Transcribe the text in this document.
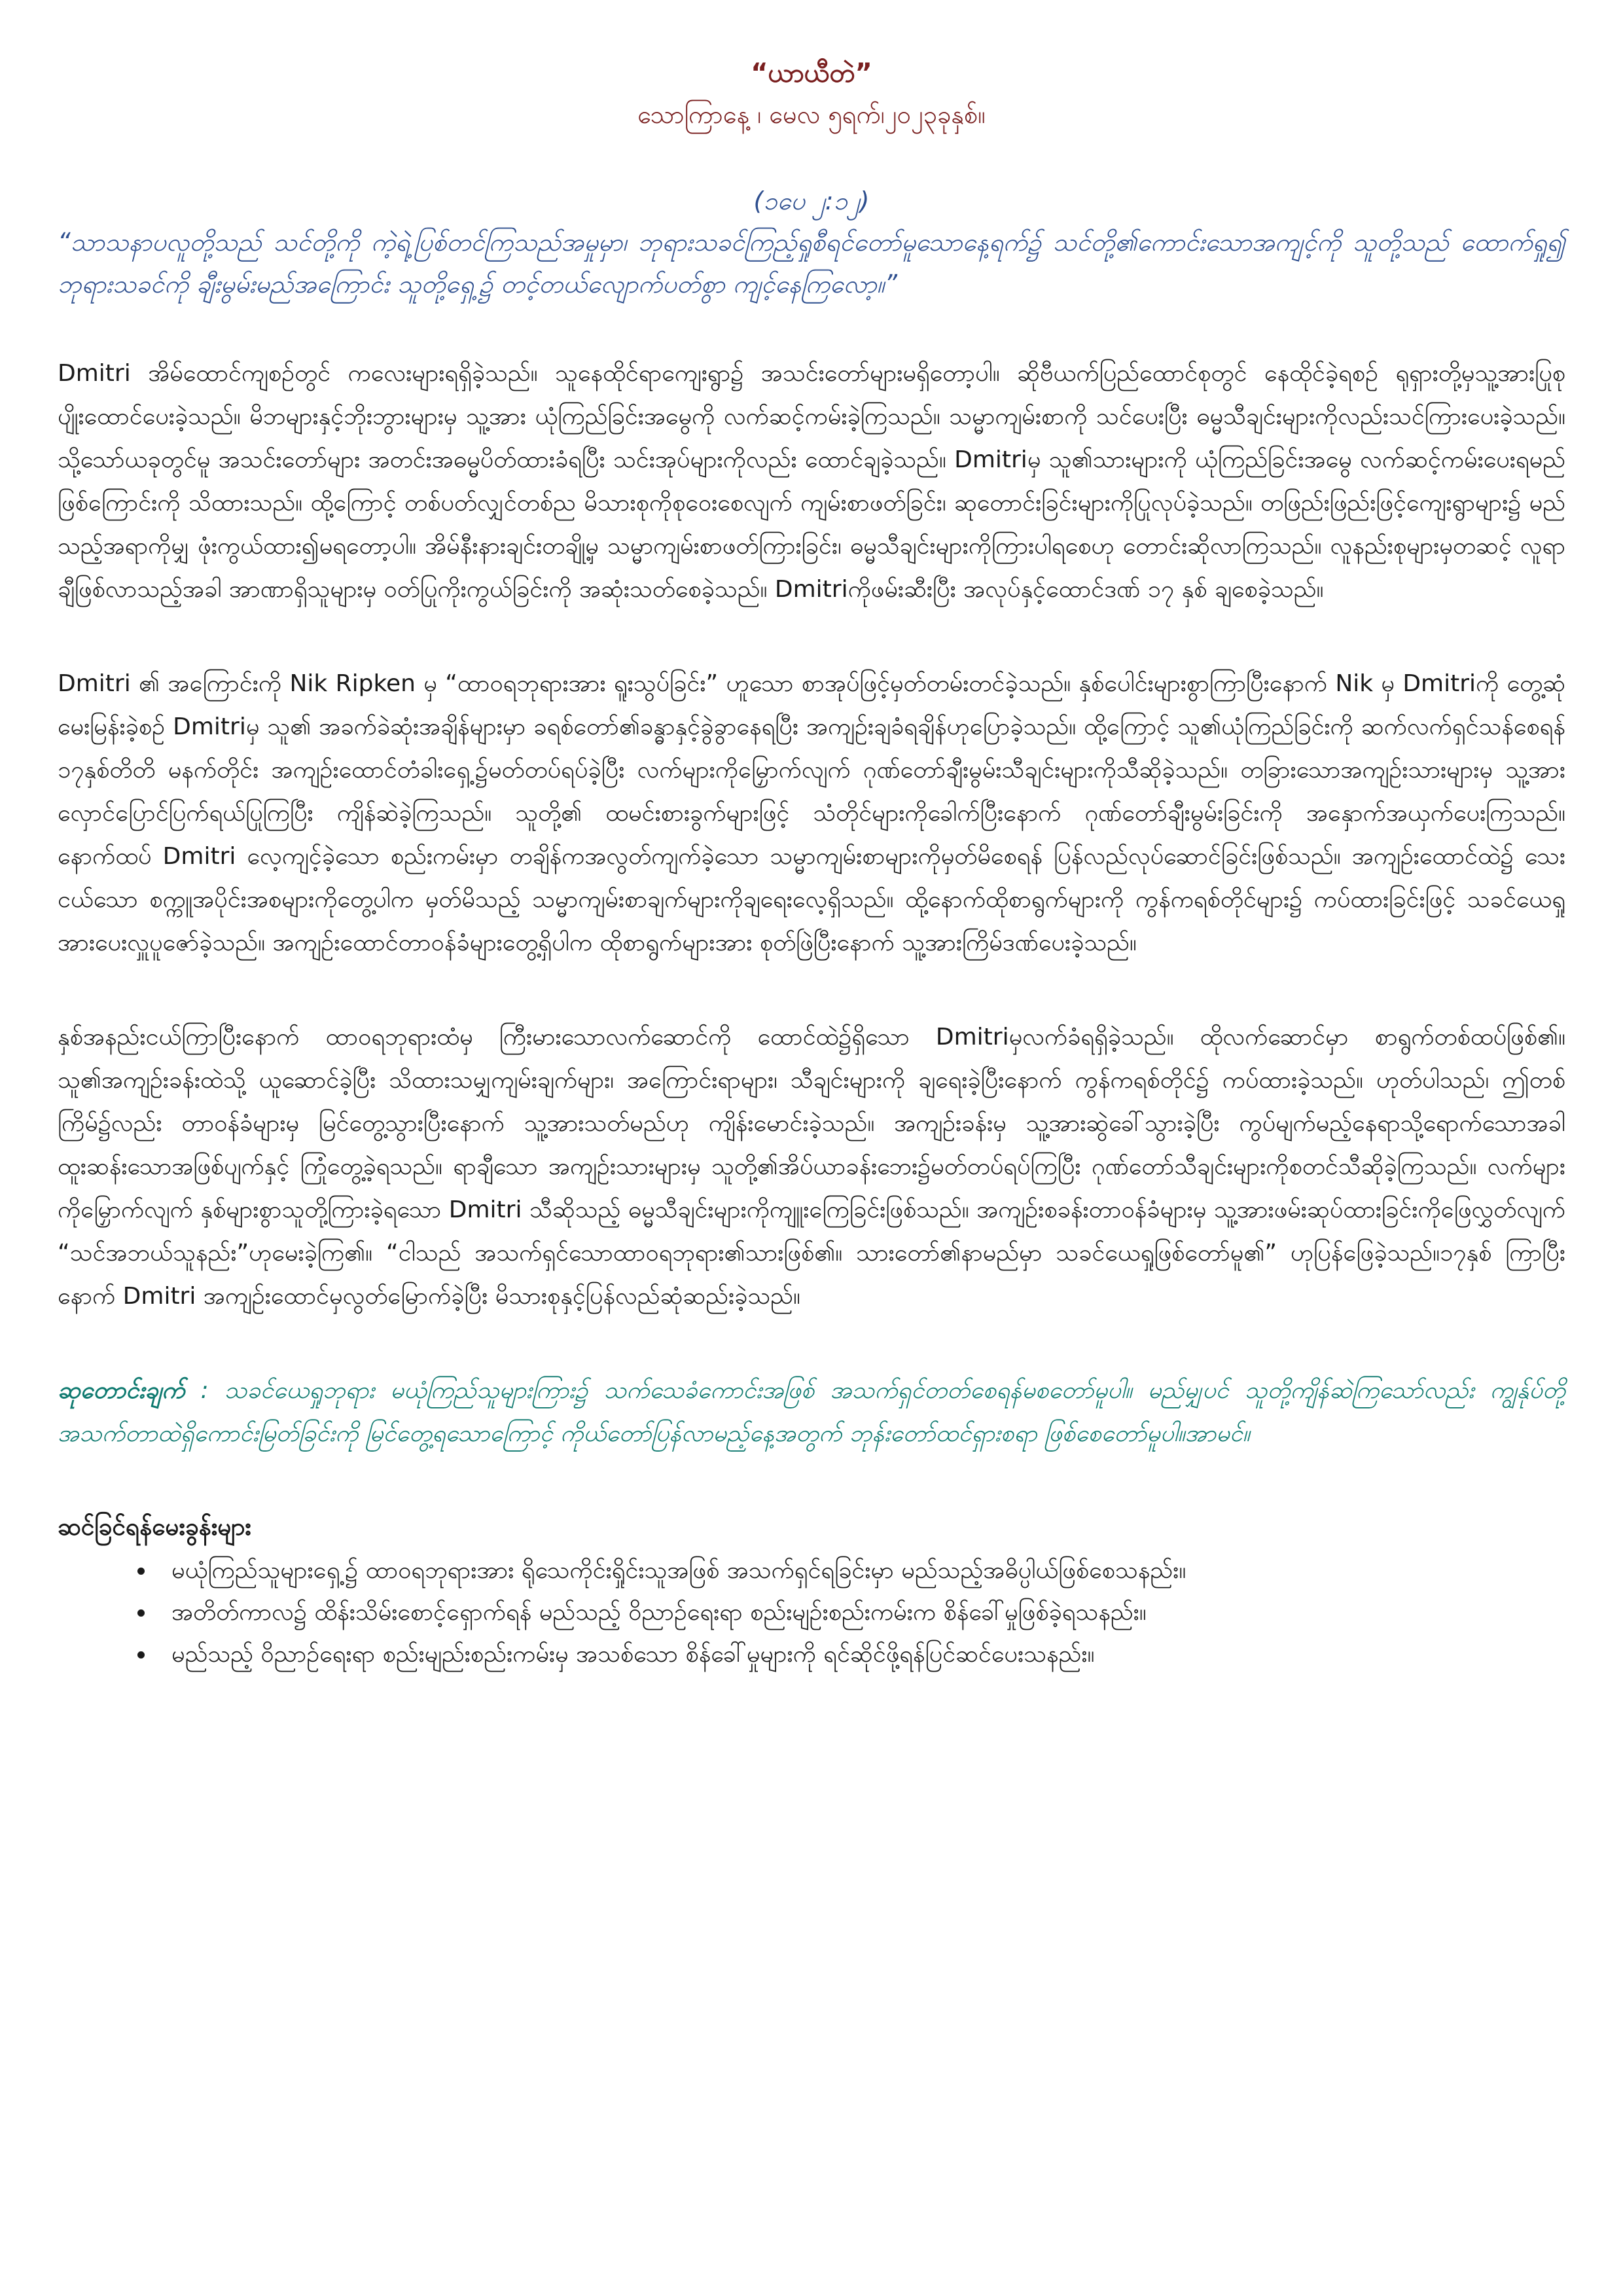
“ယာယီတဲ”

သောကြာနေ့ ၊ မေလ ၅ရက်၊၂၀၂၃ခုနှစ်။

(၁ပေ ၂:၁၂)

“သာသနာပလူတို့သည် သင်တို့ကို ကဲ့ရဲ့ပြစ်တင်ကြသည်အမှုမှာ၊ ဘုရားသခင်ကြည့်ရှုစီရင်တော်မူသောနေ့ရက်၌ သင်တို့၏ကောင်းသောအကျင့်ကို သူတို့သည် ထောက်ရှု၍ ဘုရားသခင်ကို ချီးမွမ်းမည်အကြောင်း သူတို့ရှေ့၌ တင့်တယ်လျောက်ပတ်စွာ ကျင့်နေကြလော့။”

Dmitri အိမ်ထောင်ကျစဉ်တွင် ကလေးများရရှိခဲ့သည်။ သူနေထိုင်ရာကျေးရွာ၌ အသင်းတော်များမရှိတော့ပါ။ ဆိုဗီယက်ပြည်ထောင်စုတွင် နေထိုင်ခဲ့ရစဉ် ရုရှားတို့မှသူ့အားပြုစုပျိုးထောင်ပေးခဲ့သည်။ မိဘများနှင့်ဘိုးဘွားများမှ သူ့အား ယုံကြည်ခြင်းအမွေကို လက်ဆင့်ကမ်းခဲ့ကြသည်။ သမ္မာကျမ်းစာကို သင်ပေးပြီး ဓမ္မသီချင်းများကိုလည်းသင်ကြားပေးခဲ့သည်။ သို့သော်ယခုတွင်မူ အသင်းတော်များ အတင်းအဓမ္မပိတ်ထားခံရပြီး သင်းအုပ်များကိုလည်း ထောင်ချခဲ့သည်။ Dmitriမှ သူ၏သားများကို ယုံကြည်ခြင်းအမွေ လက်ဆင့်ကမ်းပေးရမည်ဖြစ်ကြောင်းကို သိထားသည်။ ထို့ကြောင့် တစ်ပတ်လျှင်တစ်ည မိသားစုကိုစုဝေးစေလျက် ကျမ်းစာဖတ်ခြင်း၊ ဆုတောင်းခြင်းများကိုပြုလုပ်ခဲ့သည်။ တဖြည်းဖြည်းဖြင့်ကျေးရွာများ၌ မည်သည့်အရာကိုမျှ ဖုံးကွယ်ထား၍မရတော့ပါ။ အိမ်နီးနားချင်းတချို့မှ သမ္မာကျမ်းစာဖတ်ကြားခြင်း၊ ဓမ္မသီချင်းများကိုကြားပါရစေဟု တောင်းဆိုလာကြသည်။ လူနည်းစုများမှတဆင့် လူရာချီဖြစ်လာသည့်အခါ အာဏာရှိသူများမှ ဝတ်ပြုကိုးကွယ်ခြင်းကို အဆုံးသတ်စေခဲ့သည်။ Dmitriကိုဖမ်းဆီးပြီး အလုပ်နှင့်ထောင်ဒဏ် ၁၇ နှစ် ချစေခဲ့သည်။

Dmitri ၏ အကြောင်းကို Nik Ripken မှ “ထာဝရဘုရားအား ရူးသွပ်ခြင်း” ဟူသော စာအုပ်ဖြင့်မှတ်တမ်းတင်ခဲ့သည်။ နှစ်ပေါင်းများစွာကြာပြီးနောက် Nik မှ Dmitriကို တွေ့ဆုံမေးမြန်းခဲ့စဉ် Dmitriမှ သူ၏ အခက်ခဲဆုံးအချိန်များမှာ ခရစ်တော်၏ခန္ဓာနှင့်ခွဲခွာနေရပြီး အကျဉ်းချခံရချိန်ဟုပြောခဲ့သည်။ ထို့ကြောင့် သူ၏ယုံကြည်ခြင်းကို ဆက်လက်ရှင်သန်စေရန် ၁၇နှစ်တိတိ မနက်တိုင်း အကျဉ်းထောင်တံခါးရှေ့၌မတ်တပ်ရပ်ခဲ့ပြီး လက်များကိုမြှောက်လျက် ဂုဏ်တော်ချီးမွမ်းသီချင်းများကိုသီဆိုခဲ့သည်။ တခြားသောအကျဉ်းသားများမှ သူ့အားလှောင်ပြောင်ပြက်ရယ်ပြုကြပြီး ကျိန်ဆဲခဲ့ကြသည်။ သူတို့၏ ထမင်းစားခွက်များဖြင့် သံတိုင်များကိုခေါက်ပြီးနောက် ဂုဏ်တော်ချီးမွမ်းခြင်းကို အနှောက်အယှက်ပေးကြသည်။ နောက်ထပ် Dmitri လေ့ကျင့်ခဲ့သော စည်းကမ်းမှာ တချိန်ကအလွတ်ကျက်ခဲ့သော သမ္မာကျမ်းစာများကိုမှတ်မိစေရန် ပြန်လည်လုပ်ဆောင်ခြင်းဖြစ်သည်။ အကျဉ်းထောင်ထဲ၌ သေးငယ်သော စက္ကူအပိုင်းအစများကိုတွေ့ပါက မှတ်မိသည့် သမ္မာကျမ်းစာချက်များကိုချရေးလေ့ရှိသည်။ ထို့နောက်ထိုစာရွက်များကို ကွန်ကရစ်တိုင်များ၌ ကပ်ထားခြင်းဖြင့် သခင်ယေရှုအားပေးလှူပူဇော်ခဲ့သည်။ အကျဉ်းထောင်တာဝန်ခံများတွေ့ရှိပါက ထိုစာရွက်များအား စုတ်ဖြဲပြီးနောက် သူ့အားကြိမ်ဒဏ်ပေးခဲ့သည်။

နှစ်အနည်းငယ်ကြာပြီးနောက် ထာဝရဘုရားထံမှ ကြီးမားသောလက်ဆောင်ကို ထောင်ထဲ၌ရှိသော Dmitriမှလက်ခံရရှိခဲ့သည်။ ထိုလက်ဆောင်မှာ စာရွက်တစ်ထပ်ဖြစ်၏။ သူ၏အကျဉ်းခန်းထဲသို့ ယူဆောင်ခဲ့ပြီး သိထားသမျှကျမ်းချက်များ၊ အကြောင်းရာများ၊ သီချင်းများကို ချရေးခဲ့ပြီးနောက် ကွန်ကရစ်တိုင်၌ ကပ်ထားခဲ့သည်။ ဟုတ်ပါသည်၊ ဤတစ်ကြိမ်၌လည်း တာဝန်ခံများမှ မြင်တွေ့သွားပြီးနောက် သူ့အားသတ်မည်ဟု ကျိန်းမောင်းခဲ့သည်။ အကျဉ်းခန်းမှ သူ့အားဆွဲခေါ်သွားခဲ့ပြီး ကွပ်မျက်မည့်နေရာသို့ရောက်သောအခါ ထူးဆန်းသောအဖြစ်ပျက်နှင့် ကြုံတွေ့ခဲ့ရသည်။ ရာချီသော အကျဉ်းသားများမှ သူတို့၏အိပ်ယာခန်းဘေး၌မတ်တပ်ရပ်ကြပြီး ဂုဏ်တော်သီချင်းများကိုစတင်သီဆိုခဲ့ကြသည်။ လက်များကိုမြှောက်လျက် နှစ်များစွာသူတို့ကြားခဲ့ရသော Dmitri သီဆိုသည့် ဓမ္မသီချင်းများကိုကျူးကြေခြင်းဖြစ်သည်။ အကျဉ်းစခန်းတာဝန်ခံများမှ သူ့အားဖမ်းဆုပ်ထားခြင်းကိုဖြေလွှတ်လျက် “သင်အဘယ်သူနည်း”ဟုမေးခဲ့ကြ၏။ “ငါသည် အသက်ရှင်သောထာဝရဘုရား၏သားဖြစ်၏။ သားတော်၏နာမည်မှာ သခင်ယေရှုဖြစ်တော်မူ၏” ဟုပြန်ဖြေခဲ့သည်။၁၇နှစ် ကြာပြီးနောက် Dmitri အကျဉ်းထောင်မှလွတ်မြောက်ခဲ့ပြီး မိသားစုနှင့်ပြန်လည်ဆုံဆည်းခဲ့သည်။

ဆုတောင်းချက် : သခင်ယေရှုဘုရား မယုံကြည်သူများကြား၌ သက်သေခံကောင်းအဖြစ် အသက်ရှင်တတ်စေရန်မစတော်မူပါ။ မည်မျှပင် သူတို့ကျိန်ဆဲကြသော်လည်း ကျွန်ုပ်တို့အသက်တာထဲရှိကောင်းမြတ်ခြင်းကို မြင်တွေ့ရသောကြောင့် ကိုယ်တော်ပြန်လာမည့်နေ့အတွက် ဘုန်းတော်ထင်ရှားစရာ ဖြစ်စေတော်မူပါ။အာမင်။

ဆင်ခြင်ရန်မေးခွန်းများ

• မယုံကြည်သူများရှေ့၌ ထာဝရဘုရားအား ရိုသေကိုင်းရှိုင်းသူအဖြစ် အသက်ရှင်ရခြင်းမှာ မည်သည့်အဓိပ္ပါယ်ဖြစ်စေသနည်း။
• အတိတ်ကာလ၌ ထိန်းသိမ်းစောင့်ရှောက်ရန် မည်သည့် ဝိညာဉ်ရေးရာ စည်းမျဥ်းစည်းကမ်းက စိန်ခေါ်မှုဖြစ်ခဲ့ရသနည်း။
• မည်သည့် ဝိညာဉ်ရေးရာ စည်းမျည်းစည်းကမ်းမှ အသစ်သော စိန်ခေါ်မှုများကို ရင်ဆိုင်ဖို့ရန်ပြင်ဆင်ပေးသနည်း။
